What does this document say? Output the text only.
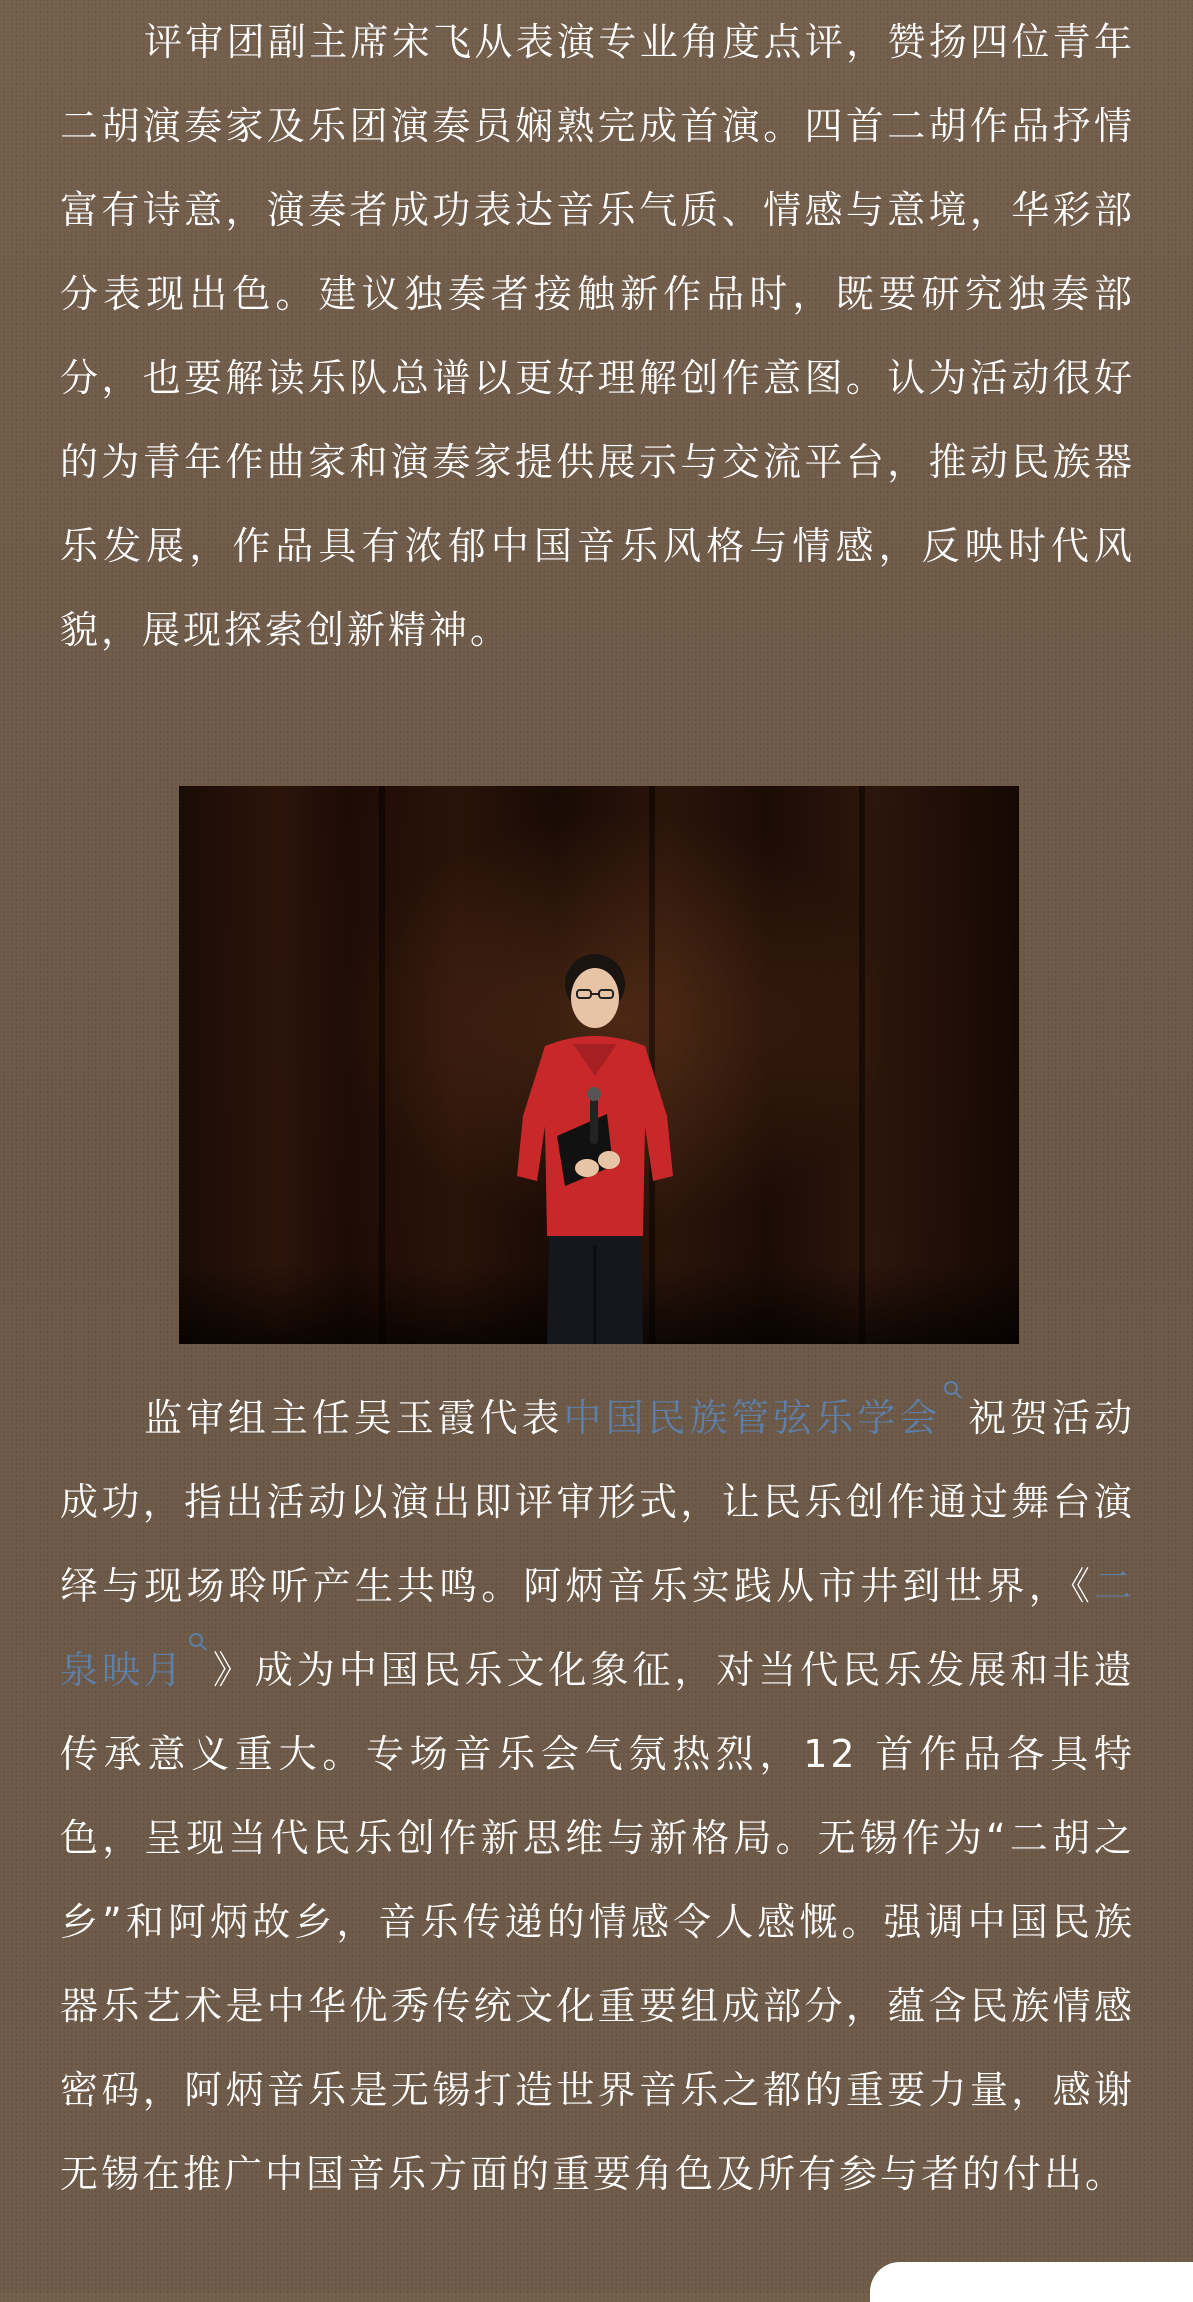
评审团副主席宋飞从表演专业角度点评，赞扬四位青年二胡演奏家及乐团演奏员娴熟完成首演。四首二胡作品抒情富有诗意，演奏者成功表达音乐气质、情感与意境，华彩部分表现出色。建议独奏者接触新作品时，既要研究独奏部分，也要解读乐队总谱以更好理解创作意图。认为活动很好的为青年作曲家和演奏家提供展示与交流平台，推动民族器乐发展，作品具有浓郁中国音乐风格与情感，反映时代风貌，展现探索创新精神。

监审组主任吴玉霞代表中国民族管弦乐学会 祝贺活动成功，指出活动以演出即评审形式，让民乐创作通过舞台演绎与现场聆听产生共鸣。阿炳音乐实践从市井到世界，《二泉映月 》成为中国民乐文化象征，对当代民乐发展和非遗传承意义重大。专场音乐会气氛热烈，12 首作品各具特色，呈现当代民乐创作新思维与新格局。无锡作为“二胡之乡”和阿炳故乡，音乐传递的情感令人感慨。强调中国民族器乐艺术是中华优秀传统文化重要组成部分，蕴含民族情感密码，阿炳音乐是无锡打造世界音乐之都的重要力量，感谢无锡在推广中国音乐方面的重要角色及所有参与者的付出。
